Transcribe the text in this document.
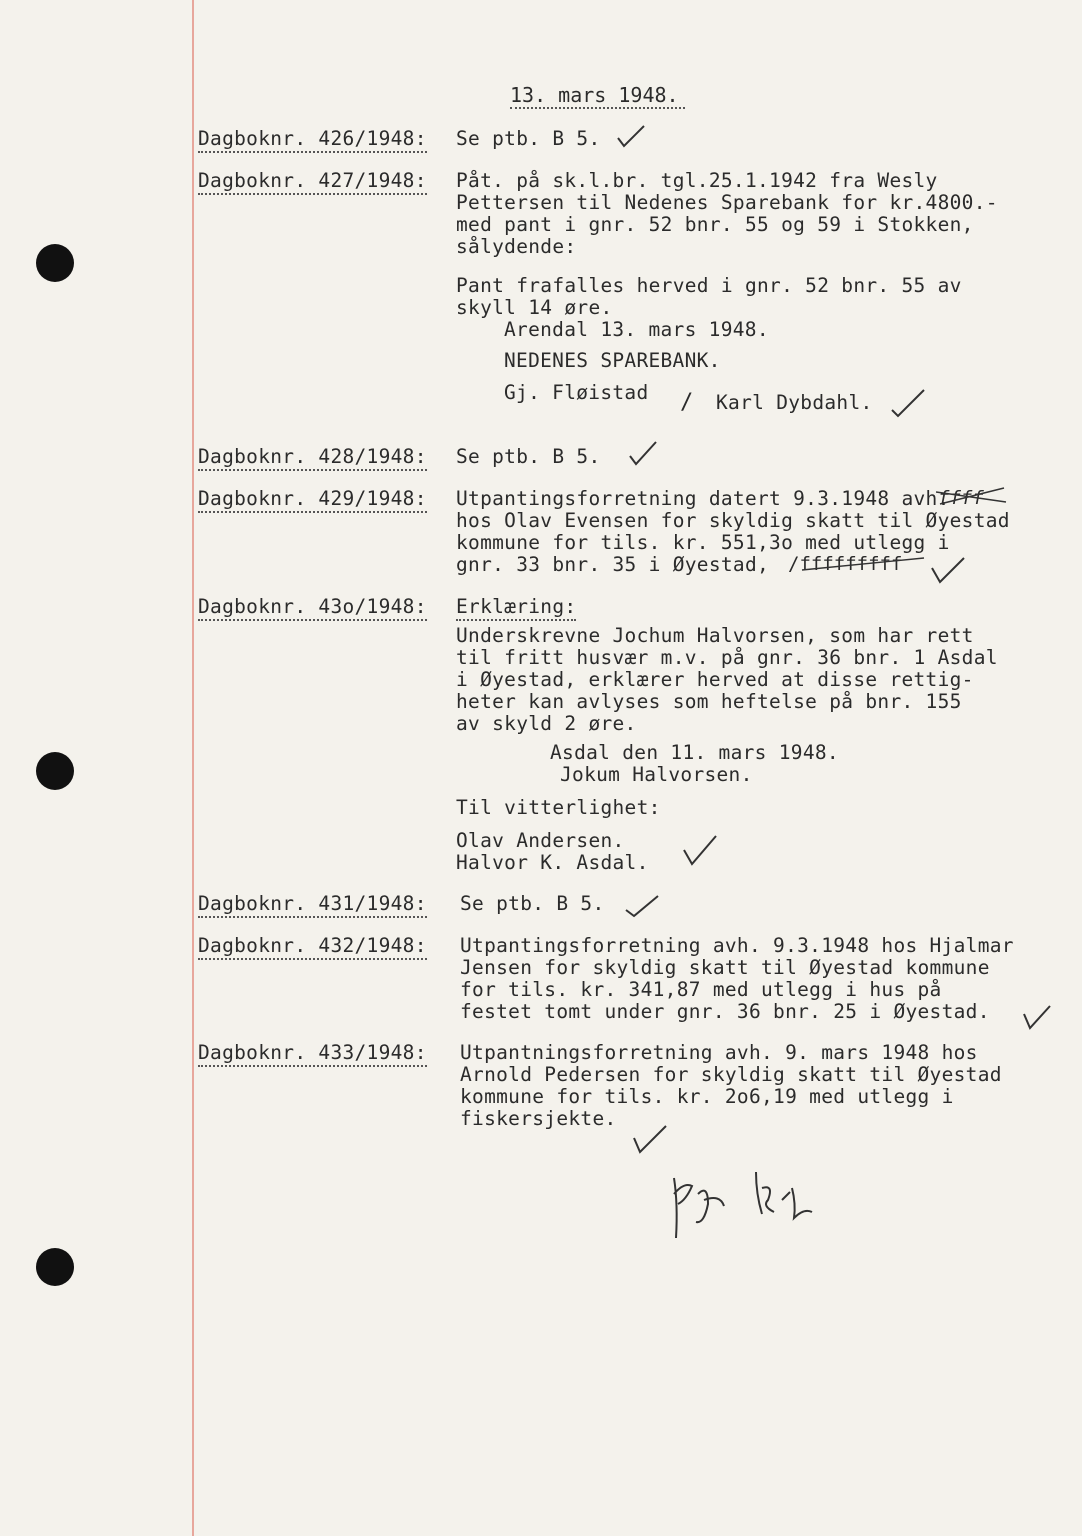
13. mars 1948.
Dagboknr. 426/1948: Se ptb. B 5.
Dagboknr. 427/1948: Påt. på sk.l.br. tgl.25.1.1942 fra Wesly
Pettersen til Nedenes Sparebank for kr.4800.-
med pant i gnr. 52 bnr. 55 og 59 i Stokken,
sålydende:
Pant frafalles herved i gnr. 52 bnr. 55 av
skyll 14 øre.
Arendal 13. mars 1948.
NEDENES SPAREBANK.
Gj. Fløistad / Karl Dybdahl.
Dagboknr. 428/1948: Se ptb. B 5.
Dagboknr. 429/1948: Utpantingsforretning datert 9.3.1948 avh.
ffff
hos Olav Evensen for skyldig skatt til Øyestad
kommune for tils. kr. 551,3o med utlegg i
gnr. 33 bnr. 35 i Øyestad, /fffffffff
Dagboknr. 43o/1948: Erklæring:
Underskrevne Jochum Halvorsen, som har rett
til fritt husvær m.v. på gnr. 36 bnr. 1 Asdal
i Øyestad, erklærer herved at disse rettig-
heter kan avlyses som heftelse på bnr. 155
av skyld 2 øre.
Asdal den 11. mars 1948.
Jokum Halvorsen.
Til vitterlighet:
Olav Andersen.
Halvor K. Asdal.
Dagboknr. 431/1948: Se ptb. B 5.
Dagboknr. 432/1948: Utpantingsforretning avh. 9.3.1948 hos Hjalmar
Jensen for skyldig skatt til Øyestad kommune
for tils. kr. 341,87 med utlegg i hus på
festet tomt under gnr. 36 bnr. 25 i Øyestad.
Dagboknr. 433/1948: Utpantningsforretning avh. 9. mars 1948 hos
Arnold Pedersen for skyldig skatt til Øyestad
kommune for tils. kr. 2o6,19 med utlegg i
fiskersjekte.
